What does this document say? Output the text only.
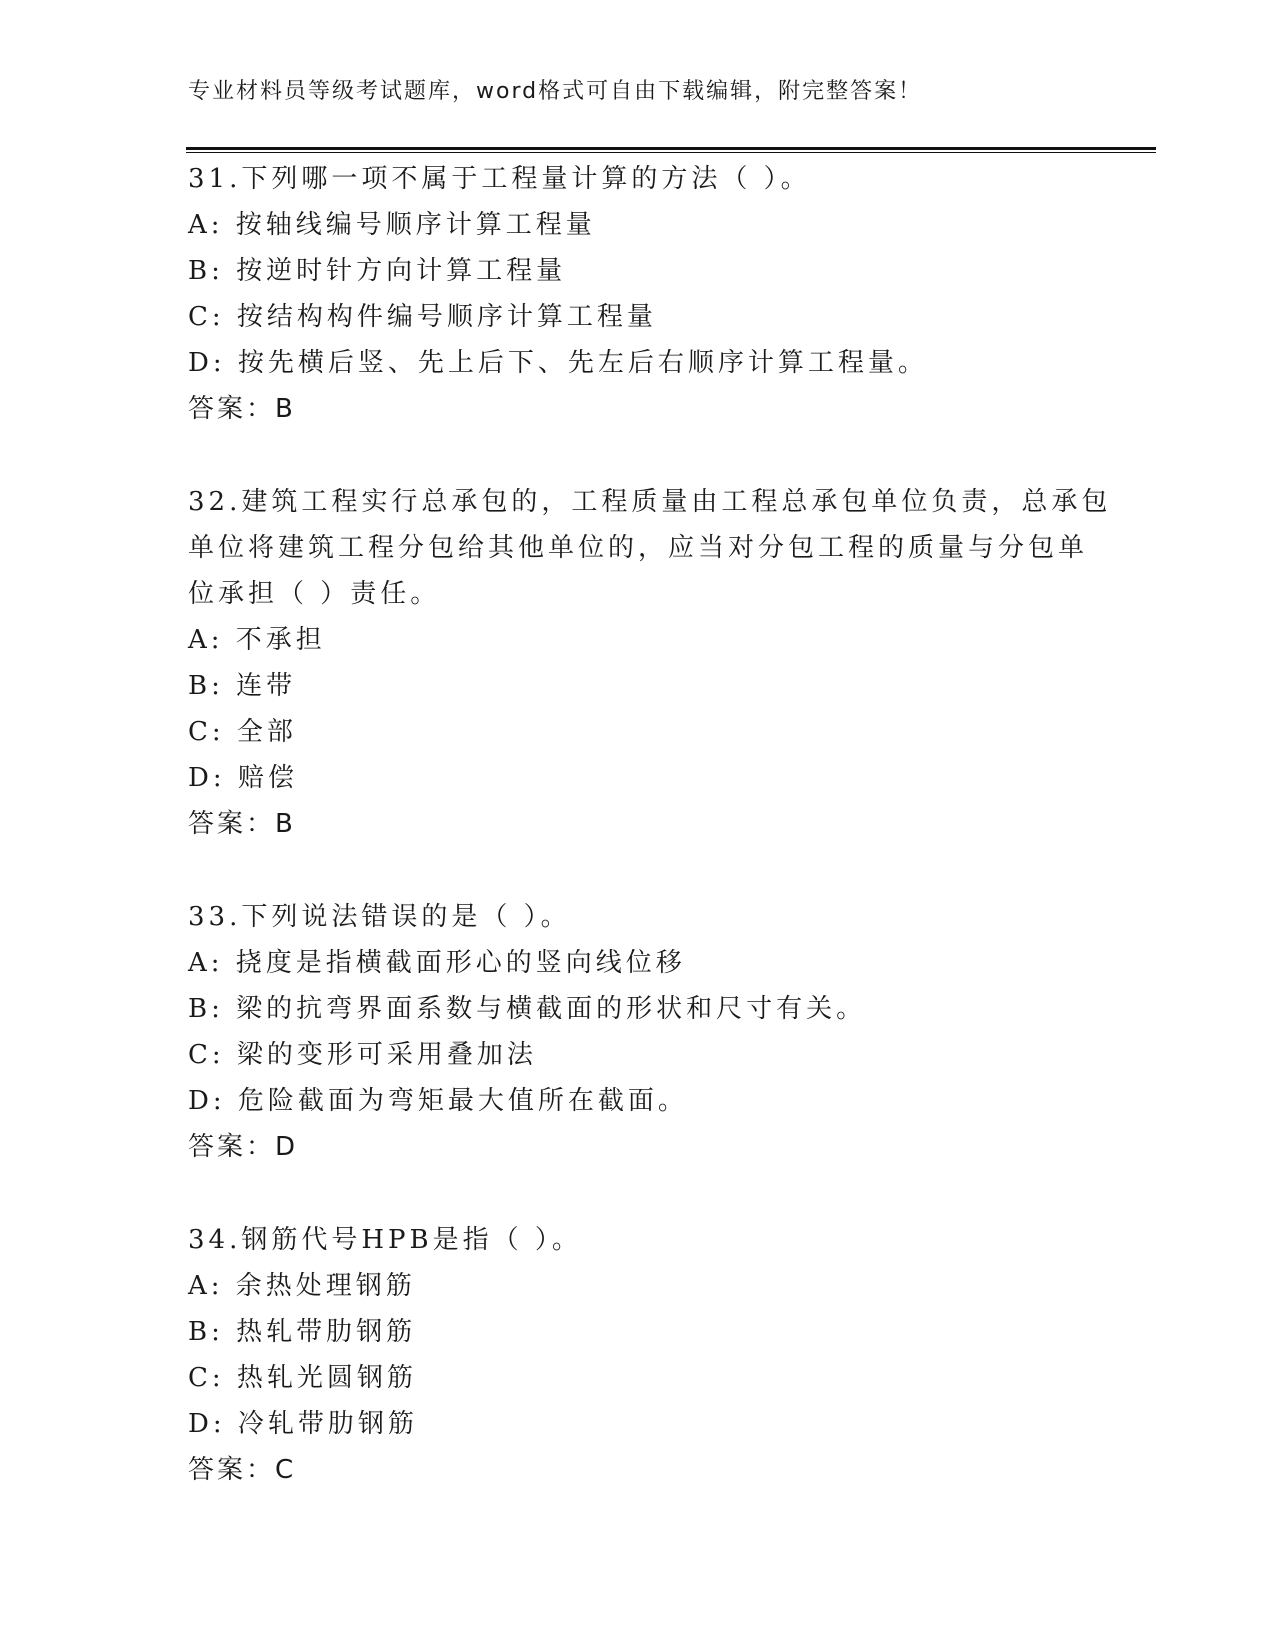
专业材料员等级考试题库，word格式可自由下载编辑，附完整答案！
31.下列哪一项不属于工程量计算的方法（ ）。
A: 按轴线编号顺序计算工程量
B: 按逆时针方向计算工程量
C: 按结构构件编号顺序计算工程量
D: 按先横后竖、先上后下、先左后右顺序计算工程量。
答案：B
32.建筑工程实行总承包的，工程质量由工程总承包单位负责，总承包
单位将建筑工程分包给其他单位的，应当对分包工程的质量与分包单
位承担（ ）责任。
A: 不承担
B: 连带
C: 全部
D: 赔偿
答案：B
33.下列说法错误的是（ ）。
A: 挠度是指横截面形心的竖向线位移
B: 梁的抗弯界面系数与横截面的形状和尺寸有关。
C: 梁的变形可采用叠加法
D: 危险截面为弯矩最大值所在截面。
答案：D
34.钢筋代号HPB是指（ ）。
A: 余热处理钢筋
B: 热轧带肋钢筋
C: 热轧光圆钢筋
D: 冷轧带肋钢筋
答案：C
